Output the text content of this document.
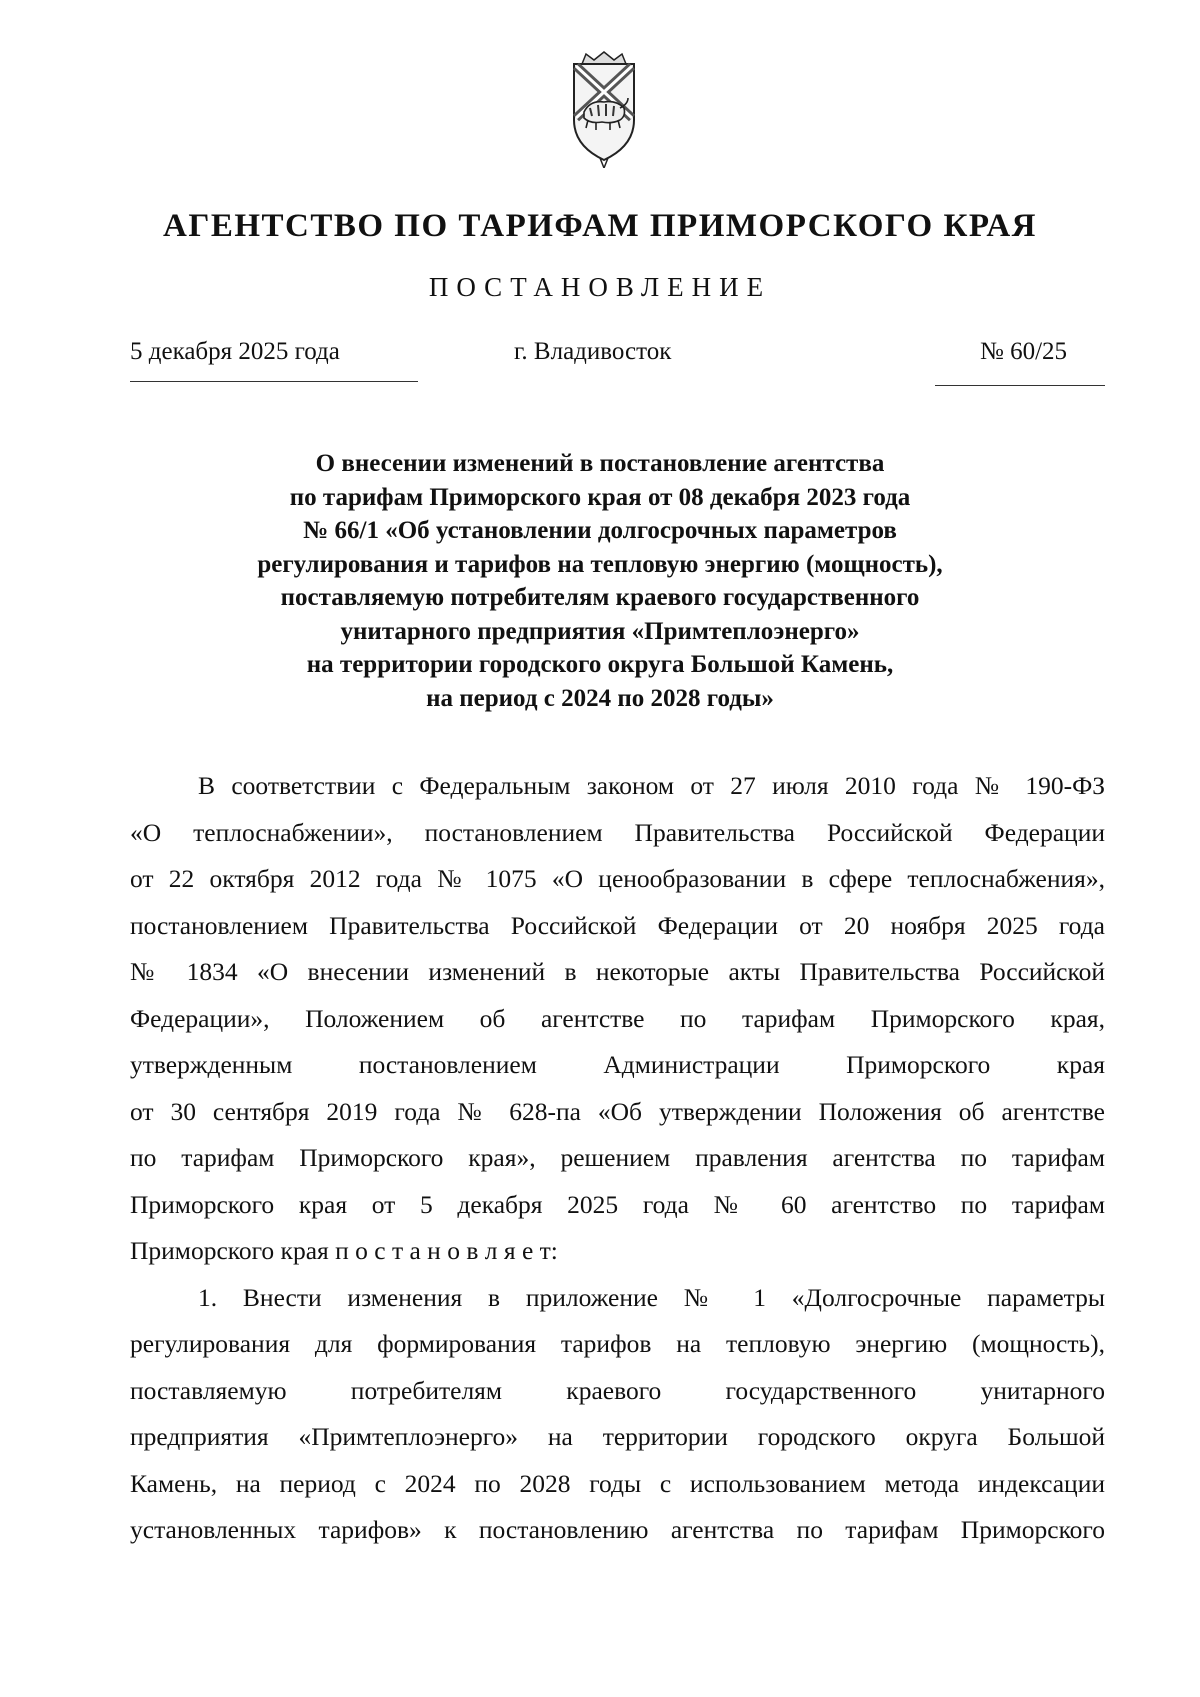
АГЕНТСТВО ПО ТАРИФАМ ПРИМОРСКОГО КРАЯ
ПОСТАНОВЛЕНИЕ
5 декабря 2025 года	г. Владивосток	№ 60/25
О внесении изменений в постановление агентства
по тарифам Приморского края от 08 декабря 2023 года
№ 66/1 «Об установлении долгосрочных параметров
регулирования и тарифов на тепловую энергию (мощность),
поставляемую потребителям краевого государственного
унитарного предприятия «Примтеплоэнерго»
на территории городского округа Большой Камень,
на период с 2024 по 2028 годы»
В соответствии с Федеральным законом от 27 июля 2010 года № 190-ФЗ
«О теплоснабжении», постановлением Правительства Российской Федерации
от 22 октября 2012 года № 1075 «О ценообразовании в сфере теплоснабжения»,
постановлением Правительства Российской Федерации от 20 ноября 2025 года
№ 1834 «О внесении изменений в некоторые акты Правительства Российской
Федерации», Положением об агентстве по тарифам Приморского края,
утвержденным постановлением Администрации Приморского края
от 30 сентября 2019 года № 628-па «Об утверждении Положения об агентстве
по тарифам Приморского края», решением правления агентства по тарифам
Приморского края от 5 декабря 2025 года № 60 агентство по тарифам
Приморского края п о с т а н о в л я е т:
1. Внести изменения в приложение № 1 «Долгосрочные параметры
регулирования для формирования тарифов на тепловую энергию (мощность),
поставляемую потребителям краевого государственного унитарного
предприятия «Примтеплоэнерго» на территории городского округа Большой
Камень, на период с 2024 по 2028 годы с использованием метода индексации
установленных тарифов» к постановлению агентства по тарифам Приморского
